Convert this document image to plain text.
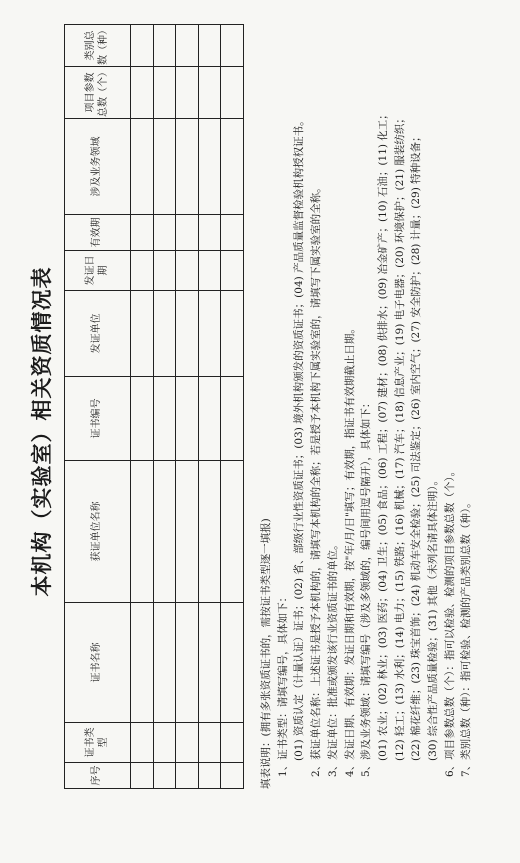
本机构（实验室）相关资质情况表
序号	证书类型	证书名称	获证单位名称	证书编号	发证单位	发证日期	有效期	涉及业务领域	项目参数总数（个）	类别总数（种）

填表说明：(拥有多张资质证书的，需按证书类型逐一填报) 1、证书类型：请填写编号，具体如下： (01) 资质认定（计量认证）证书；(02) 省、部级行业性资质证书；(03) 境外机构颁发的资质证书；(04) 产品质量监督检验机构授权证书。 2、获证单位名称：上述证书是授予本机构的，请填写本机构的全称；若是授予本机构下属实验室的，请填写下属实验室的全称。 3、发证单位：批准或颁发该行业资质证书的单位。 4、发证日期、有效期：发证日期和有效期，按"年/月/日"填写；有效期，指证书有效期截止日期。 5、涉及业务领域：请填写编号（涉及多领域的，编号间用逗号隔开），具体如下： (01) 农业；(02) 林业；(03) 医药；(04) 卫生；(05) 食品；(06) 工程；(07) 建材；(08) 供排水；(09) 冶金矿产；(10) 石油；(11) 化工； (12) 轻工；(13) 水利；(14) 电力；(15) 铁路；(16) 机械；(17) 汽车；(18) 信息产业；(19) 电子电器；(20) 环境保护；(21) 服装纺织； (22) 棉花纤维；(23) 珠宝首饰；(24) 机动车安全检验；(25) 司法鉴定；(26) 室内空气；(27) 安全防护；(28) 计量；(29) 特种设备； (30) 综合性产品质量检验；(31) 其他（未列名请具体注明）。 6、项目参数总数（个）：指可以检验、检测的项目参数总数（个）。 7、类别总数（种）：指可检验、检测的产品类别总数（种）。
